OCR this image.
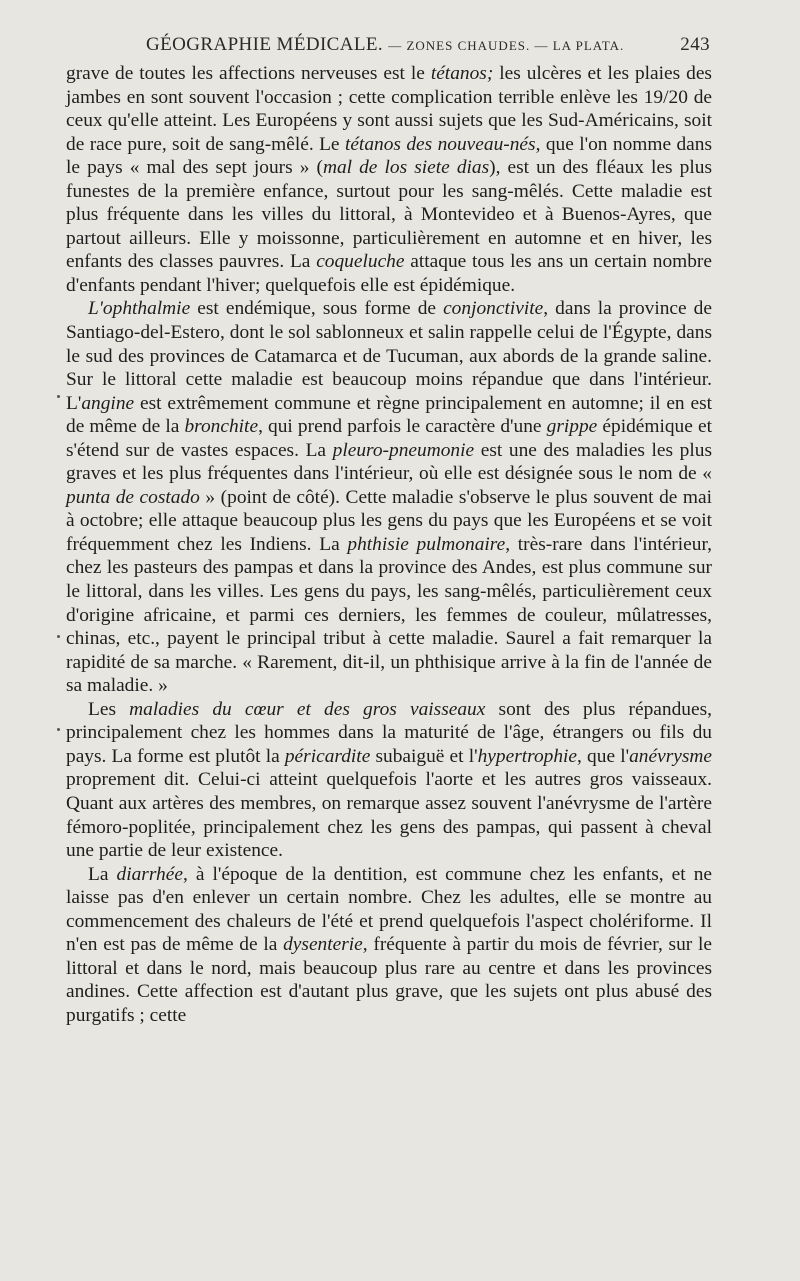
GÉOGRAPHIE MÉDICALE. — ZONES CHAUDES. — LA PLATA.	243

grave de toutes les affections nerveuses est le tétanos; les ulcères et les plaies des jambes en sont souvent l'occasion ; cette complication terrible enlève les 19/20 de ceux qu'elle atteint. Les Européens y sont aussi sujets que les Sud-Américains, soit de race pure, soit de sang-mêlé. Le tétanos des nouveau-nés, que l'on nomme dans le pays « mal des sept jours » (mal de los siete dias), est un des fléaux les plus funestes de la première enfance, surtout pour les sang-mêlés. Cette maladie est plus fréquente dans les villes du littoral, à Montevideo et à Buenos-Ayres, que partout ailleurs. Elle y moissonne, particulièrement en automne et en hiver, les enfants des classes pauvres. La coqueluche attaque tous les ans un certain nombre d'enfants pendant l'hiver; quelquefois elle est épidémique.

L'ophthalmie est endémique, sous forme de conjonctivite, dans la province de Santiago-del-Estero, dont le sol sablonneux et salin rappelle celui de l'Égypte, dans le sud des provinces de Catamarca et de Tucuman, aux abords de la grande saline. Sur le littoral cette maladie est beaucoup moins répandue que dans l'intérieur. L'angine est extrêmement commune et règne principalement en automne; il en est de même de la bronchite, qui prend parfois le caractère d'une grippe épidémique et s'étend sur de vastes espaces. La pleuro-pneumonie est une des maladies les plus graves et les plus fréquentes dans l'intérieur, où elle est désignée sous le nom de « punta de costado » (point de côté). Cette maladie s'observe le plus souvent de mai à octobre; elle attaque beaucoup plus les gens du pays que les Européens et se voit fréquemment chez les Indiens. La phthisie pulmonaire, très-rare dans l'intérieur, chez les pasteurs des pampas et dans la province des Andes, est plus commune sur le littoral, dans les villes. Les gens du pays, les sang-mêlés, particulièrement ceux d'origine africaine, et parmi ces derniers, les femmes de couleur, mûlatresses, chinas, etc., payent le principal tribut à cette maladie. Saurel a fait remarquer la rapidité de sa marche. « Rarement, dit-il, un phthisique arrive à la fin de l'année de sa maladie. »

Les maladies du cœur et des gros vaisseaux sont des plus répandues, principalement chez les hommes dans la maturité de l'âge, étrangers ou fils du pays. La forme est plutôt la péricardite subaiguë et l'hypertrophie, que l'anévrysme proprement dit. Celui-ci atteint quelquefois l'aorte et les autres gros vaisseaux. Quant aux artères des membres, on remarque assez souvent l'anévrysme de l'artère fémoro-poplitée, principalement chez les gens des pampas, qui passent à cheval une partie de leur existence.

La diarrhée, à l'époque de la dentition, est commune chez les enfants, et ne laisse pas d'en enlever un certain nombre. Chez les adultes, elle se montre au commencement des chaleurs de l'été et prend quelquefois l'aspect cholériforme. Il n'en est pas de même de la dysenterie, fréquente à partir du mois de février, sur le littoral et dans le nord, mais beaucoup plus rare au centre et dans les provinces andines. Cette affection est d'autant plus grave, que les sujets ont plus abusé des purgatifs ; cette
